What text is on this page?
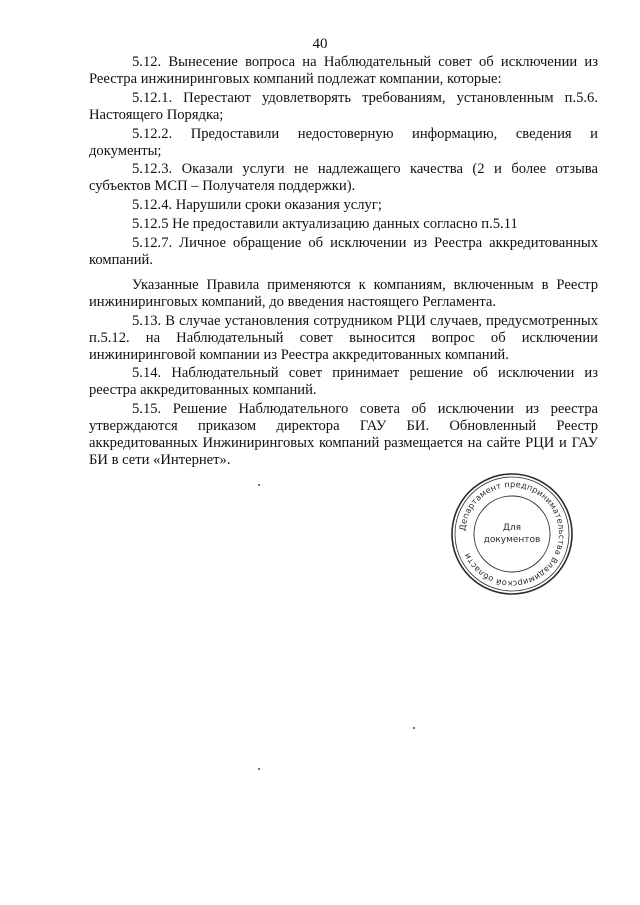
40

5.12. Вынесение вопроса на Наблюдательный совет об исключении из Реестра инжиниринговых компаний подлежат компании, которые:

5.12.1. Перестают удовлетворять требованиям, установленным п.5.6. Настоящего Порядка;

5.12.2. Предоставили недостоверную информацию, сведения и документы;

5.12.3. Оказали услуги не надлежащего качества (2 и более отзыва субъектов МСП – Получателя поддержки).

5.12.4. Нарушили сроки оказания услуг;

5.12.5 Не предоставили актуализацию данных согласно п.5.11

5.12.7. Личное обращение об исключении из Реестра аккредитованных компаний.

Указанные Правила применяются к компаниям, включенным в Реестр инжиниринговых компаний, до введения настоящего Регламента.

5.13. В случае установления сотрудником РЦИ случаев, предусмотренных п.5.12. на Наблюдательный совет выносится вопрос об исключении инжиниринговой компании из Реестра аккредитованных компаний.

5.14. Наблюдательный совет принимает решение об исключении из реестра аккредитованных компаний.

5.15. Решение Наблюдательного совета об исключении из реестра утверждаются приказом директора ГАУ БИ. Обновленный Реестр аккредитованных Инжиниринговых компаний размещается на сайте РЦИ и ГАУ БИ в сети «Интернет».

Департамент предпринимательства Владимирской области
Для
документов
